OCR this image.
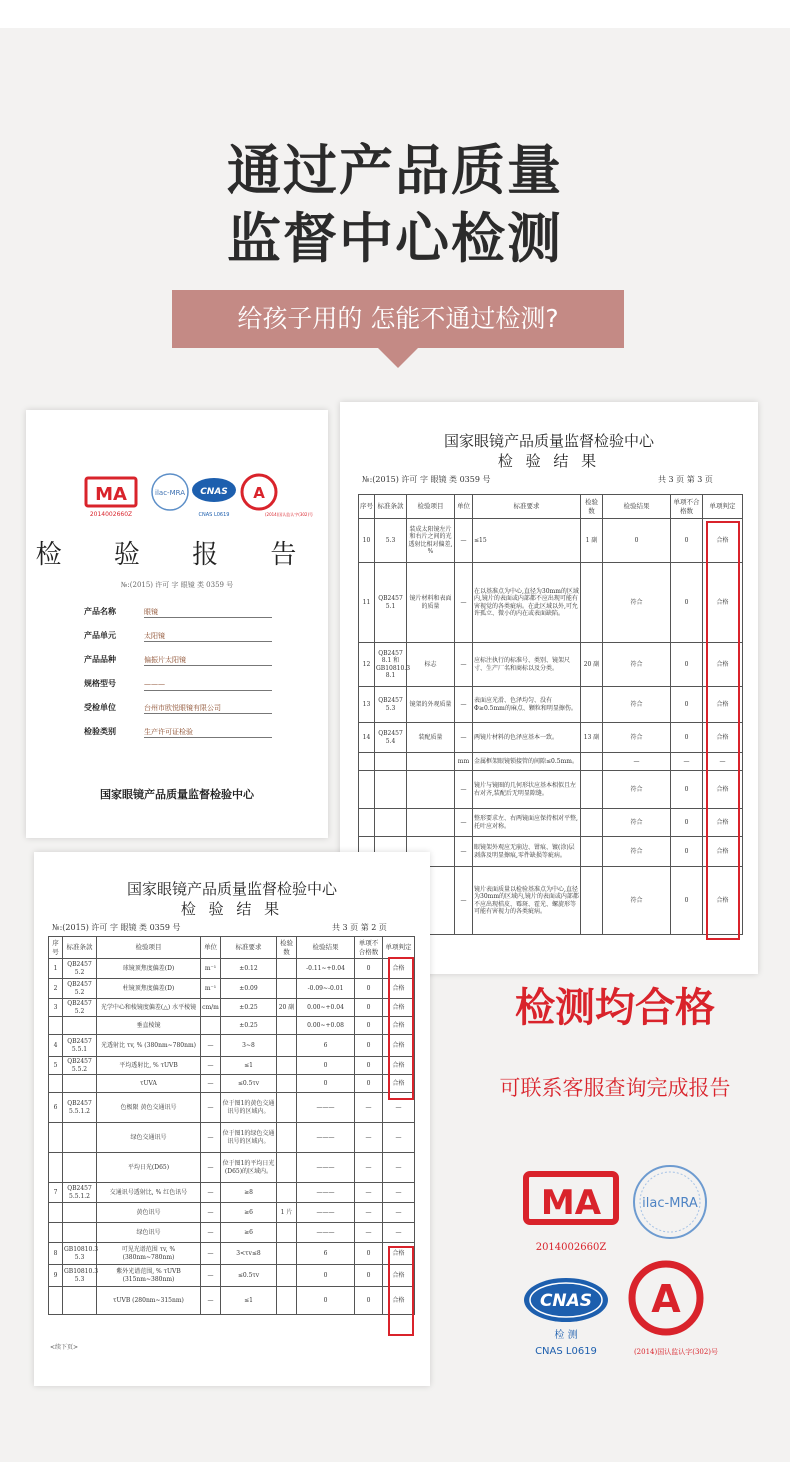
通过产品质量
监督中心检测
给孩子用的 怎能不通过检测?
MA
2014002660Z
ilac-MRA CNAS
CNAS L0619
A
(2014)国认监认字(302)号
检 验 报 告
№:(2015) 许可 字 眼镜 类 0359 号
产品名称	眼镜
产品单元	太阳镜
产品品种	偏振片太阳镜
规格型号	———
受检单位	台州市欧悦眼镜有限公司
检验类别	生产许可证检验
国家眼镜产品质量监督检验中心
国家眼镜产品质量监督检验中心
检 验 结 果
№:(2015) 许可 字 眼镜 类 0359 号	共 3 页 第 3 页
序号	标准条款	检验项目	单位	标准要求	检验数	检验结果	单项不合格数	单项判定
10	5.3	装成太阳镜左片和右片之间的光透射比相对偏差, %	—	≤15	1 副	0	0	合格
11	QB2457 5.1	镜片材料和表面的质量	—	在以基准点为中心,直径为30mm的区域内,镜片的表面或内部都不应出现可能有害视觉的各类疵病。在此区域以外,可允许孤立、微小的内在或表面缺陷。		符合	0	合格
12	QB2457 8.1 和 GB10810.3 8.1	标志	—	应标注执行的标准号、类别、镜架尺寸、生产厂名和商标以及分类。	20 副	符合	0	合格
13	QB2457 5.3	镜架的外观质量	—	表面应光滑、色泽均匀、没有Φ≥0.5mm的麻点、颗粒和明显擦伤。		符合	0	合格
14	QB2457 5.4	装配质量	—	两镜片材料的色泽应基本一致。	13 副	符合	0	合格
			mm	金属框架眼镜锁接管的间隙≤0.5mm。		—	—	—
			—	镜片与镜圈的几何形状应基本相似且左右对齐,装配后无明显隙缝。		符合	0	合格
			—	整形要求左、右两镜面应保持相对平整,托叶应对称。		符合	0	合格
			—	眼镜架外观应无崩边、钳痕、镀(涂)层剥落及明显擦痕,零件缺损等疵病。		符合	0	合格
			—	镜片表面质量以检验基准点为中心,直径为30mm的区域内,镜片的表面或内部都不应出现桔皮、霉斑、霍光、螺旋形等可能有害视力的各类疵病。		符合	0	合格
国家眼镜产品质量监督检验中心
检 验 结 果
№:(2015) 许可 字 眼镜 类 0359 号	共 3 页 第 2 页
序号	标准条款	检验项目	单位	标准要求	检验数	检验结果	单项不合格数	单项判定
1	QB2457 5.2	球镜顶焦度偏差(D)	m⁻¹	±0.12		-0.11~+0.04	0	合格
2	QB2457 5.2	柱镜顶焦度偏差(D)	m⁻¹	±0.09		-0.09~-0.01	0	合格
3	QB2457 5.2	光学中心和棱镜度偏差(△) 水平棱镜	cm/m	±0.25	20 副	0.00~+0.04	0	合格
		垂直棱镜		±0.25		0.00~+0.08	0	合格
4	QB2457 5.5.1	光透射比 τv, % (380nm~780nm)	—	3~8		6	0	合格
5	QB2457 5.5.2	平均透射比, % τUVB	—	≤1		0	0	合格
		τUVA	—	≤0.5τv		0	0	合格
6	QB2457 5.5.1.2	色极限 黄色交通讯号	—	位于图1的黄色交通讯号的区域内。		———	—	—
		绿色交通讯号	—	位于图1的绿色交通讯号的区域内。		———	—	—
		平均日光(D65)	—	位于图1的平均日光(D65)的区域内。		———	—	—
7	QB2457 5.5.1.2	交通讯号透射比, % 红色讯号	—	≥8		———	—	—
		黄色讯号	—	≥6	1 片	———	—	—
		绿色讯号	—	≥6		———	—	—
8	GB10810.3 5.3	可见光谱范围 τv, % (380nm~780nm)	—	3<τv≤8		6	0	合格
9	GB10810.3 5.3	紫外光谱范围, % τUVB (315nm~380nm)	—	≤0.5τv		0	0	合格
		τUVB (280nm~315nm)	—	≤1		0	0	合格
<续下页>
检测均合格
可联系客服查询完成报告
MA
2014002660Z
ilac-MRA
CNAS
检 测
CNAS L0619
A
(2014)国认监认字(302)号
